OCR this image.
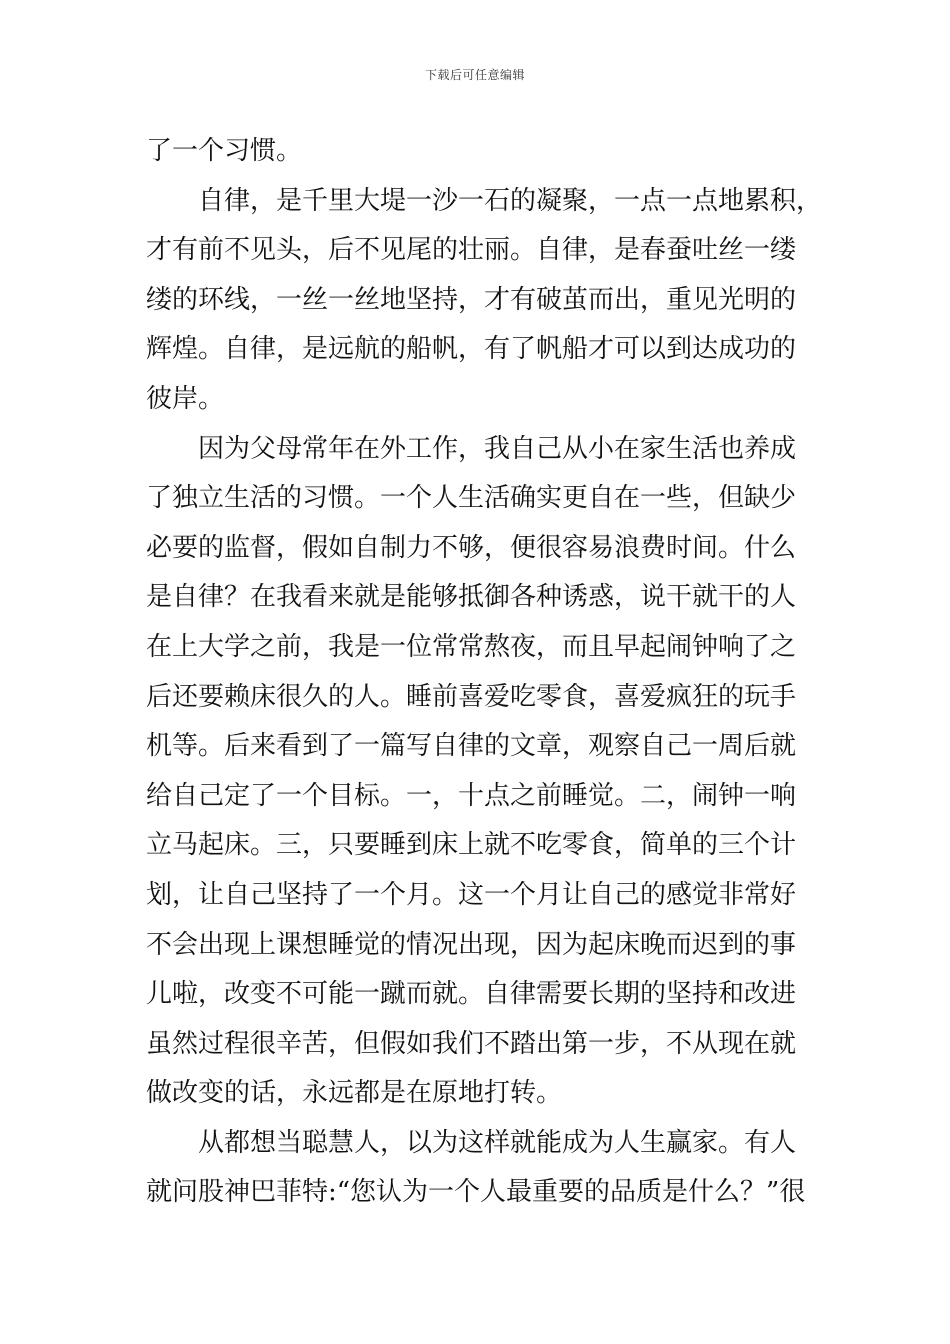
下载后可任意编辑
了一个习惯。
自律，是千里大堤一沙一石的凝聚，一点一点地累积，
才有前不见头，后不见尾的壮丽。自律，是春蚕吐丝一缕
缕的环线，一丝一丝地坚持，才有破茧而出，重见光明的
辉煌。自律，是远航的船帆，有了帆船才可以到达成功的
彼岸。
因为父母常年在外工作，我自己从小在家生活也养成
了独立生活的习惯。一个人生活确实更自在一些，但缺少
必要的监督，假如自制力不够，便很容易浪费时间。什么
是自律？在我看来就是能够抵御各种诱惑，说干就干的人
在上大学之前，我是一位常常熬夜，而且早起闹钟响了之
后还要赖床很久的人。睡前喜爱吃零食，喜爱疯狂的玩手
机等。后来看到了一篇写自律的文章，观察自己一周后就
给自己定了一个目标。一，十点之前睡觉。二，闹钟一响
立马起床。三，只要睡到床上就不吃零食，简单的三个计
划，让自己坚持了一个月。这一个月让自己的感觉非常好
不会出现上课想睡觉的情况出现，因为起床晚而迟到的事
儿啦，改变不可能一蹴而就。自律需要长期的坚持和改进
虽然过程很辛苦，但假如我们不踏出第一步，不从现在就
做改变的话，永远都是在原地打转。
从都想当聪慧人，以为这样就能成为人生赢家。有人
就问股神巴菲特:“您认为一个人最重要的品质是什么？”很
